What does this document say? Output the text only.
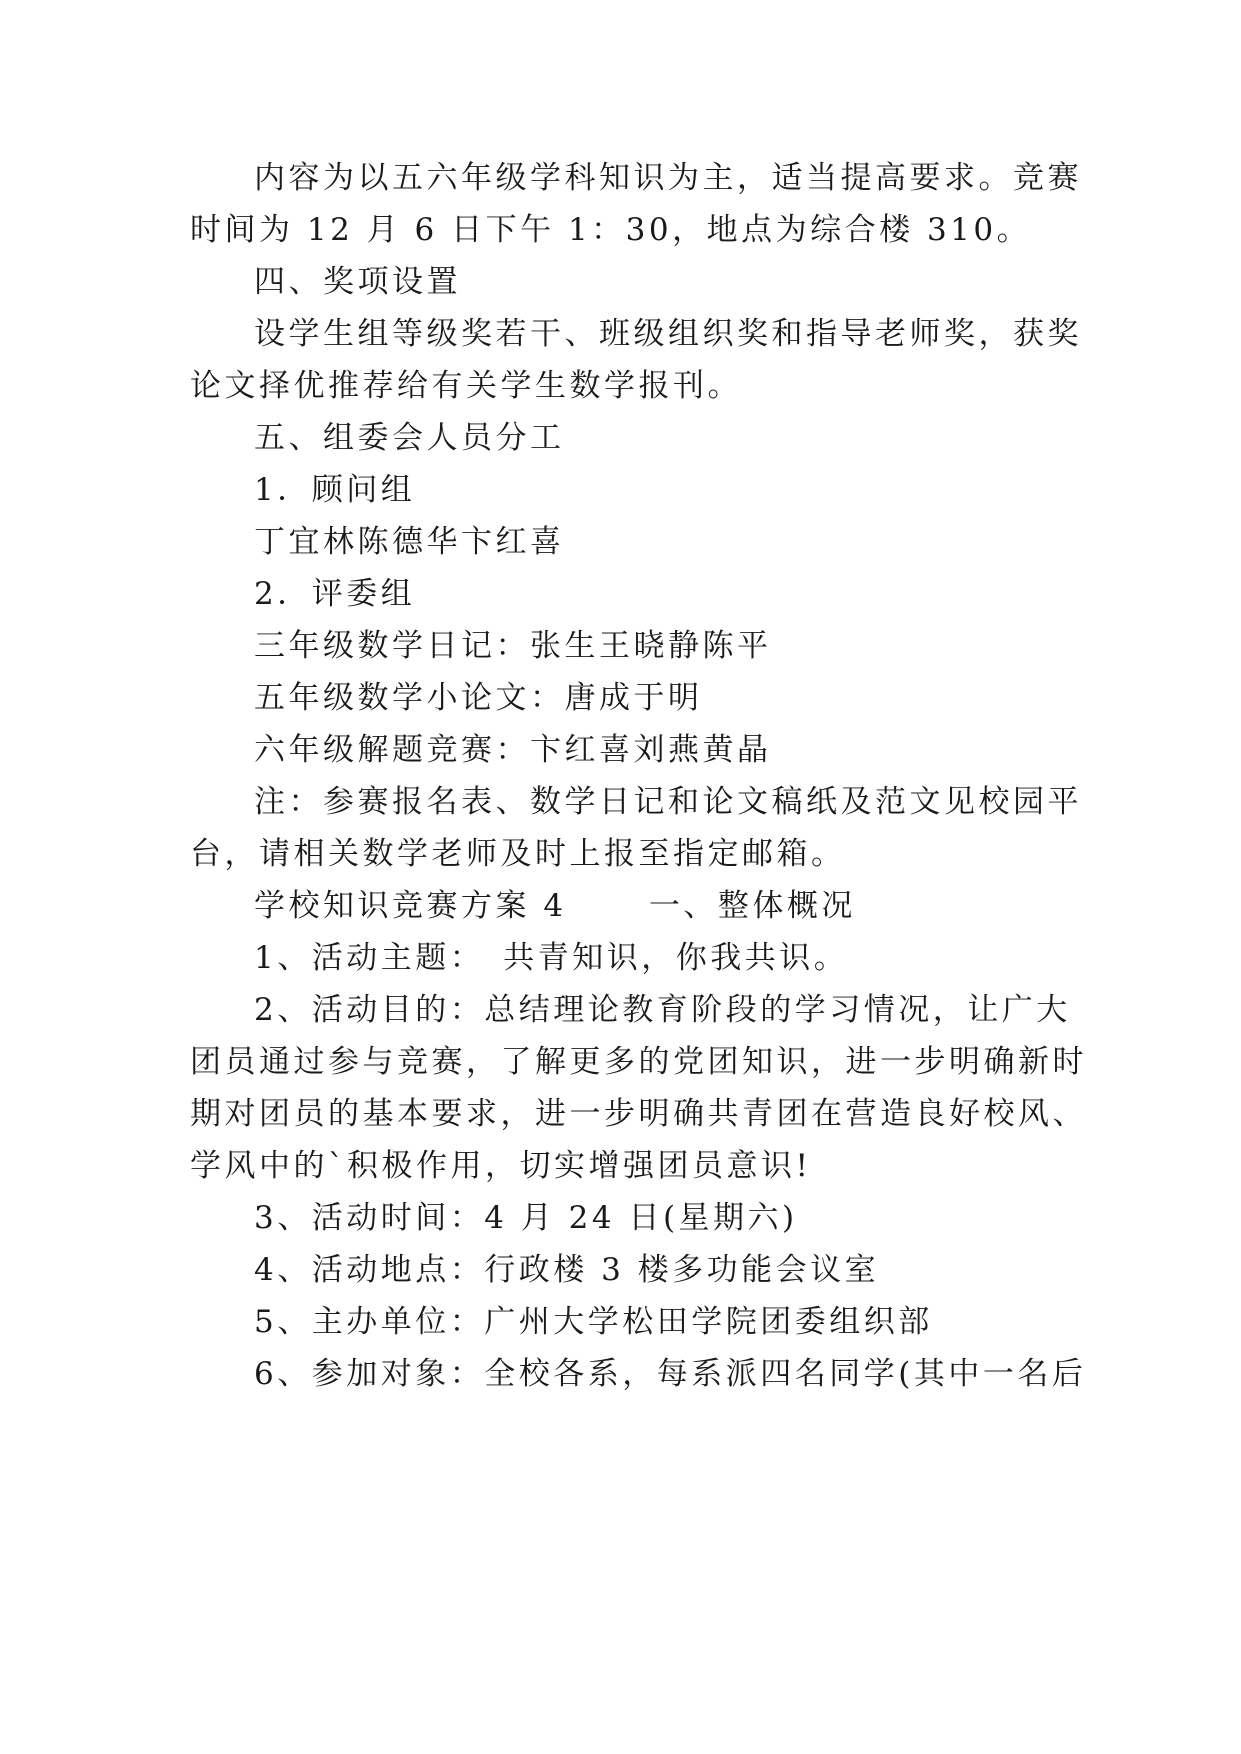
内容为以五六年级学科知识为主，适当提高要求。竞赛
时间为 12 月 6 日下午 1：30，地点为综合楼 310。
四、奖项设置
设学生组等级奖若干、班级组织奖和指导老师奖，获奖
论文择优推荐给有关学生数学报刊。
五、组委会人员分工
1．顾问组
丁宜林陈德华卞红喜
2．评委组
三年级数学日记：张生王晓静陈平
五年级数学小论文：唐成于明
六年级解题竞赛：卞红喜刘燕黄晶
注：参赛报名表、数学日记和论文稿纸及范文见校园平
台，请相关数学老师及时上报至指定邮箱。
学校知识竞赛方案 4　　 一、整体概况
1、活动主题：　共青知识，你我共识。
2、活动目的：总结理论教育阶段的学习情况，让广大
团员通过参与竞赛，了解更多的党团知识，进一步明确新时
期对团员的基本要求，进一步明确共青团在营造良好校风、
学风中的`积极作用，切实增强团员意识!
3、活动时间：4 月 24 日(星期六)
4、活动地点：行政楼 3 楼多功能会议室
5、主办单位：广州大学松田学院团委组织部
6、参加对象：全校各系，每系派四名同学(其中一名后
